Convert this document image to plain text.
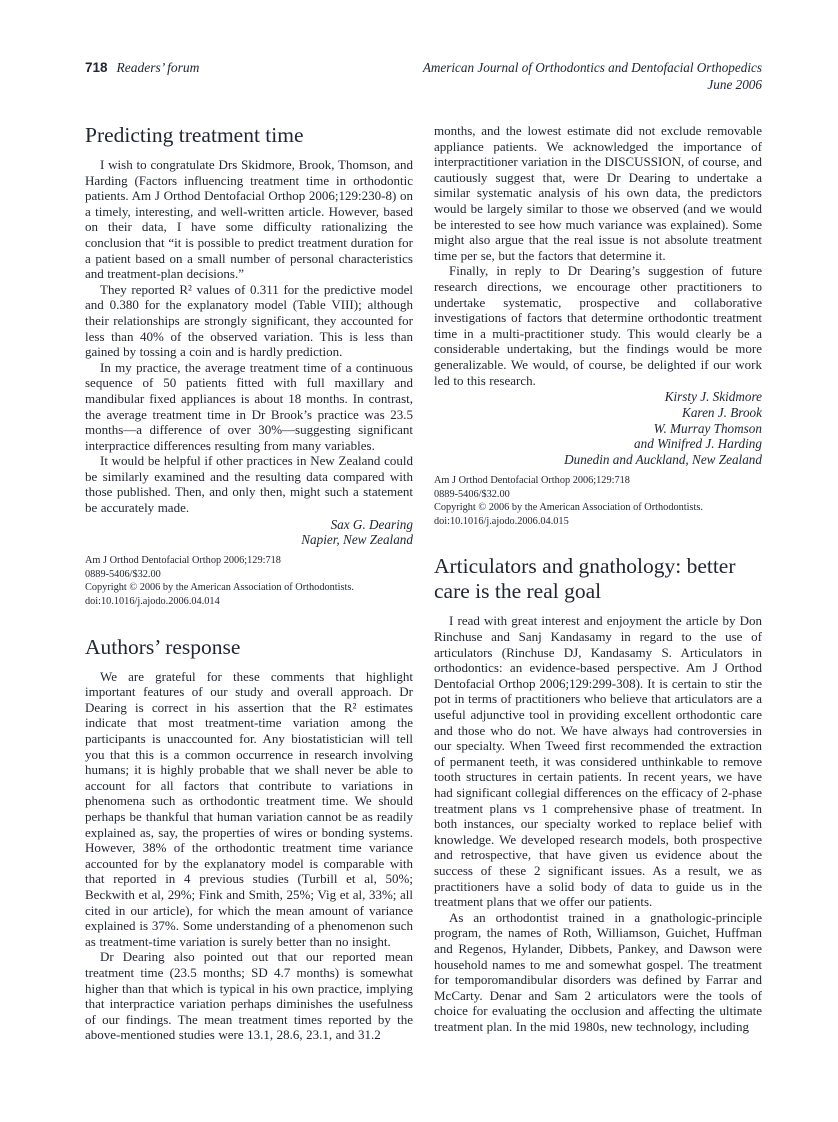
718 Readers’ forum	American Journal of Orthodontics and Dentofacial Orthopedics
June 2006
Predicting treatment time

I wish to congratulate Drs Skidmore, Brook, Thomson, and Harding (Factors influencing treatment time in orthodontic patients. Am J Orthod Dentofacial Orthop 2006;129:230-8) on a timely, interesting, and well-written article. However, based on their data, I have some difficulty rationalizing the conclusion that “it is possible to predict treatment duration for a patient based on a small number of personal characteristics and treatment-plan decisions.”

They reported R² values of 0.311 for the predictive model and 0.380 for the explanatory model (Table VIII); although their relationships are strongly significant, they accounted for less than 40% of the observed variation. This is less than gained by tossing a coin and is hardly prediction.

In my practice, the average treatment time of a continuous sequence of 50 patients fitted with full maxillary and mandibular fixed appliances is about 18 months. In contrast, the average treatment time in Dr Brook’s practice was 23.5 months—a difference of over 30%—suggesting significant interpractice differences resulting from many variables.

It would be helpful if other practices in New Zealand could be similarly examined and the resulting data compared with those published. Then, and only then, might such a statement be accurately made.

Sax G. Dearing
Napier, New Zealand
Am J Orthod Dentofacial Orthop 2006;129:718
0889-5406/$32.00
Copyright © 2006 by the American Association of Orthodontists.
doi:10.1016/j.ajodo.2006.04.014
Authors’ response

We are grateful for these comments that highlight important features of our study and overall approach. Dr Dearing is correct in his assertion that the R² estimates indicate that most treatment-time variation among the participants is unaccounted for. Any biostatistician will tell you that this is a common occurrence in research involving humans; it is highly probable that we shall never be able to account for all factors that contribute to variations in phenomena such as orthodontic treatment time. We should perhaps be thankful that human variation cannot be as readily explained as, say, the properties of wires or bonding systems. However, 38% of the orthodontic treatment time variance accounted for by the explanatory model is comparable with that reported in 4 previous studies (Turbill et al, 50%; Beckwith et al, 29%; Fink and Smith, 25%; Vig et al, 33%; all cited in our article), for which the mean amount of variance explained is 37%. Some understanding of a phenomenon such as treatment-time variation is surely better than no insight.

Dr Dearing also pointed out that our reported mean treatment time (23.5 months; SD 4.7 months) is somewhat higher than that which is typical in his own practice, implying that interpractice variation perhaps diminishes the usefulness of our findings. The mean treatment times reported by the above-mentioned studies were 13.1, 28.6, 23.1, and 31.2

months, and the lowest estimate did not exclude removable appliance patients. We acknowledged the importance of interpractitioner variation in the DISCUSSION, of course, and cautiously suggest that, were Dr Dearing to undertake a similar systematic analysis of his own data, the predictors would be largely similar to those we observed (and we would be interested to see how much variance was explained). Some might also argue that the real issue is not absolute treatment time per se, but the factors that determine it.

Finally, in reply to Dr Dearing’s suggestion of future research directions, we encourage other practitioners to undertake systematic, prospective and collaborative investigations of factors that determine orthodontic treatment time in a multi-practitioner study. This would clearly be a considerable undertaking, but the findings would be more generalizable. We would, of course, be delighted if our work led to this research.

Kirsty J. Skidmore
Karen J. Brook
W. Murray Thomson
and Winifred J. Harding
Dunedin and Auckland, New Zealand
Am J Orthod Dentofacial Orthop 2006;129:718
0889-5406/$32.00
Copyright © 2006 by the American Association of Orthodontists.
doi:10.1016/j.ajodo.2006.04.015
Articulators and gnathology: better care is the real goal

I read with great interest and enjoyment the article by Don Rinchuse and Sanj Kandasamy in regard to the use of articulators (Rinchuse DJ, Kandasamy S. Articulators in orthodontics: an evidence-based perspective. Am J Orthod Dentofacial Orthop 2006;129:299-308). It is certain to stir the pot in terms of practitioners who believe that articulators are a useful adjunctive tool in providing excellent orthodontic care and those who do not. We have always had controversies in our specialty. When Tweed first recommended the extraction of permanent teeth, it was considered unthinkable to remove tooth structures in certain patients. In recent years, we have had significant collegial differences on the efficacy of 2-phase treatment plans vs 1 comprehensive phase of treatment. In both instances, our specialty worked to replace belief with knowledge. We developed research models, both prospective and retrospective, that have given us evidence about the success of these 2 significant issues. As a result, we as practitioners have a solid body of data to guide us in the treatment plans that we offer our patients.

As an orthodontist trained in a gnathologic-principle program, the names of Roth, Williamson, Guichet, Huffman and Regenos, Hylander, Dibbets, Pankey, and Dawson were household names to me and somewhat gospel. The treatment for temporomandibular disorders was defined by Farrar and McCarty. Denar and Sam 2 articulators were the tools of choice for evaluating the occlusion and affecting the ultimate treatment plan. In the mid 1980s, new technology, including
